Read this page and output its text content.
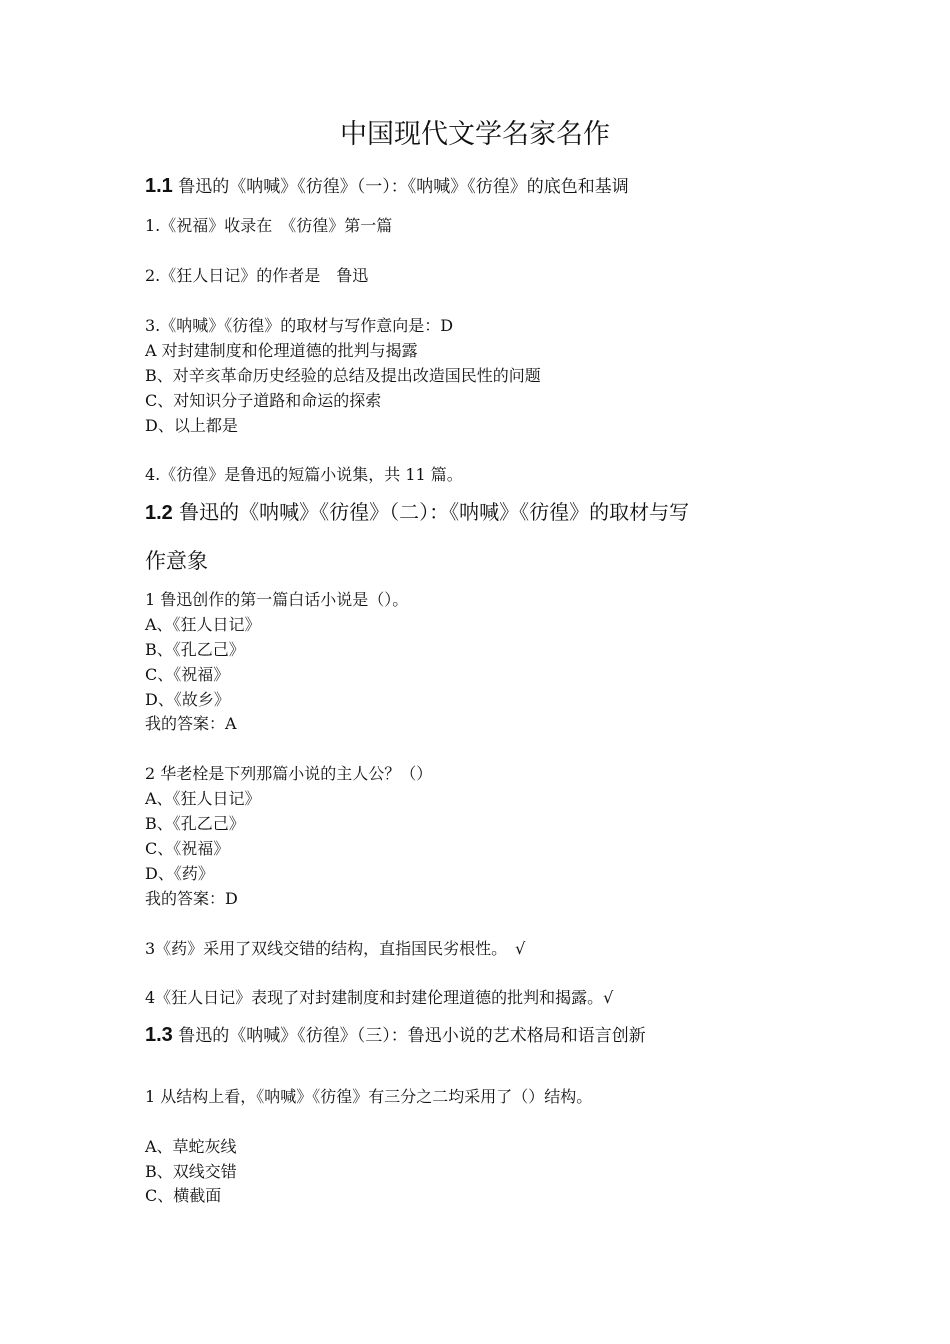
中国现代文学名家名作
1.1 鲁迅的《呐喊》《彷徨》（一）：《呐喊》《彷徨》的底色和基调
1.《祝福》收录在　《彷徨》第一篇
2.《狂人日记》的作者是　鲁迅
3.《呐喊》《彷徨》的取材与写作意向是：D
A 对封建制度和伦理道德的批判与揭露
B、对辛亥革命历史经验的总结及提出改造国民性的问题
C、对知识分子道路和命运的探索
D、以上都是
4.《彷徨》是鲁迅的短篇小说集，共 11 篇。
1.2 鲁迅的《呐喊》《彷徨》（二）：《呐喊》《彷徨》的取材与写
作意象
1 鲁迅创作的第一篇白话小说是（）。
A、《狂人日记》
B、《孔乙己》
C、《祝福》
D、《故乡》
我的答案：A
2 华老栓是下列那篇小说的主人公？（）
A、《狂人日记》
B、《孔乙己》
C、《祝福》
D、《药》
我的答案：D
3《药》采用了双线交错的结构，直指国民劣根性。　√
4《狂人日记》表现了对封建制度和封建伦理道德的批判和揭露。√
1.3 鲁迅的《呐喊》《彷徨》（三）：鲁迅小说的艺术格局和语言创新
1 从结构上看，《呐喊》《彷徨》有三分之二均采用了（）结构。
A、草蛇灰线
B、双线交错
C、横截面
